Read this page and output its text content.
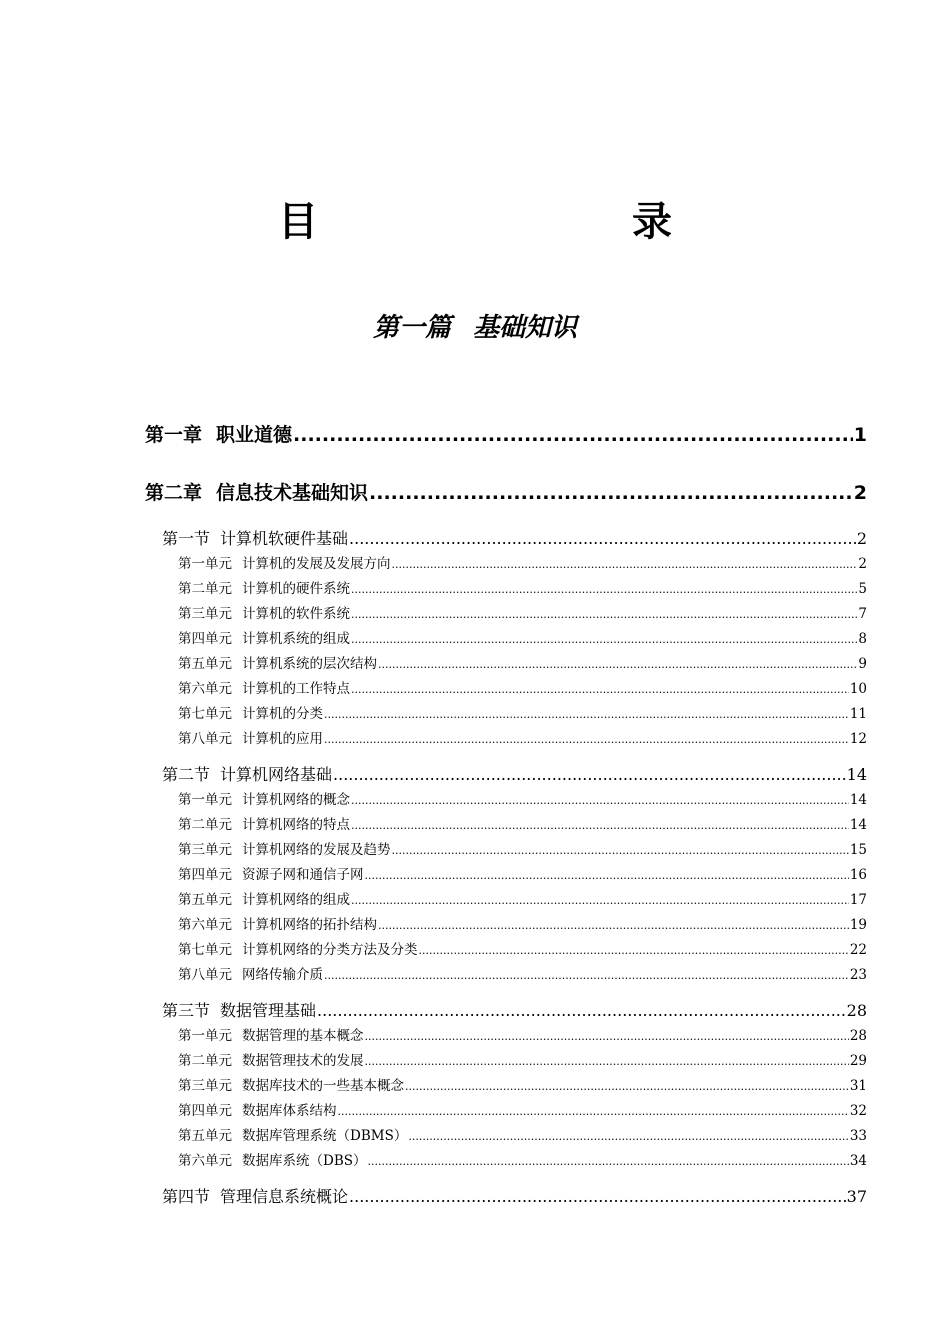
目　　录
第一篇 基础知识
第一章 职业道德 .....	1
第二章 信息技术基础知识 .....	2
第一节 计算机软硬件基础 .....	2
第一单元 计算机的发展及发展方向 .....	2
第二单元 计算机的硬件系统 .....	5
第三单元 计算机的软件系统 .....	7
第四单元 计算机系统的组成 .....	8
第五单元 计算机系统的层次结构 .....	9
第六单元 计算机的工作特点 .....	10
第七单元 计算机的分类 .....	11
第八单元 计算机的应用 .....	12
第二节 计算机网络基础 .....	14
第一单元 计算机网络的概念 .....	14
第二单元 计算机网络的特点 .....	14
第三单元 计算机网络的发展及趋势 .....	15
第四单元 资源子网和通信子网 .....	16
第五单元 计算机网络的组成 .....	17
第六单元 计算机网络的拓扑结构 .....	19
第七单元 计算机网络的分类方法及分类 .....	22
第八单元 网络传输介质 .....	23
第三节 数据管理基础 .....	28
第一单元 数据管理的基本概念 .....	28
第二单元 数据管理技术的发展 .....	29
第三单元 数据库技术的一些基本概念 .....	31
第四单元 数据库体系结构 .....	32
第五单元 数据库管理系统（DBMS） .....	33
第六单元 数据库系统（DBS） .....	34
第四节 管理信息系统概论 .....	37
